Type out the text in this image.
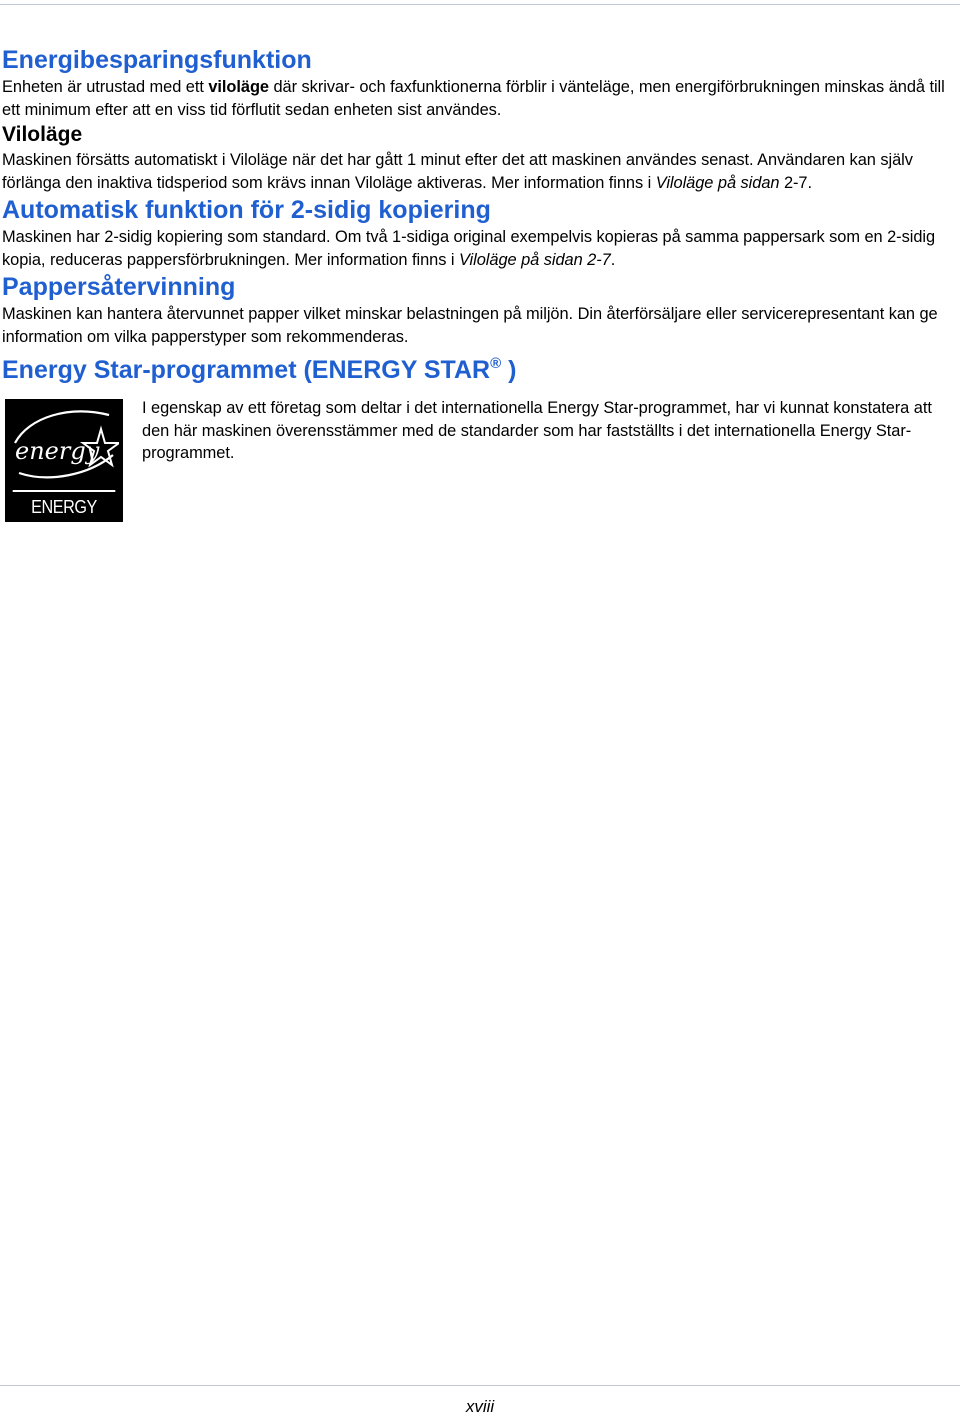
Energibesparingsfunktion

Enheten är utrustad med ett viloläge där skrivar- och faxfunktionerna förblir i vänteläge, men energiförbrukningen minskas ändå till ett minimum efter att en viss tid förflutit sedan enheten sist användes.

Viloläge

Maskinen försätts automatiskt i Viloläge när det har gått 1 minut efter det att maskinen användes senast. Användaren kan själv förlänga den inaktiva tidsperiod som krävs innan Viloläge aktiveras. Mer information finns i Viloläge på sidan 2-7.

Automatisk funktion för 2-sidig kopiering

Maskinen har 2-sidig kopiering som standard. Om två 1-sidiga original exempelvis kopieras på samma pappersark som en 2-sidig kopia, reduceras pappersförbrukningen. Mer information finns i Viloläge på sidan 2-7.

Pappersåtervinning

Maskinen kan hantera återvunnet papper vilket minskar belastningen på miljön. Din återförsäljare eller servicerepresentant kan ge information om vilka papperstyper som rekommenderas.

Energy Star-programmet (ENERGY STAR® )
energy
ENERGY STAR

I egenskap av ett företag som deltar i det internationella Energy Star-programmet, har vi kunnat konstatera att den här maskinen överensstämmer med de standarder som har fastställts i det internationella Energy Star-programmet.

xviii
